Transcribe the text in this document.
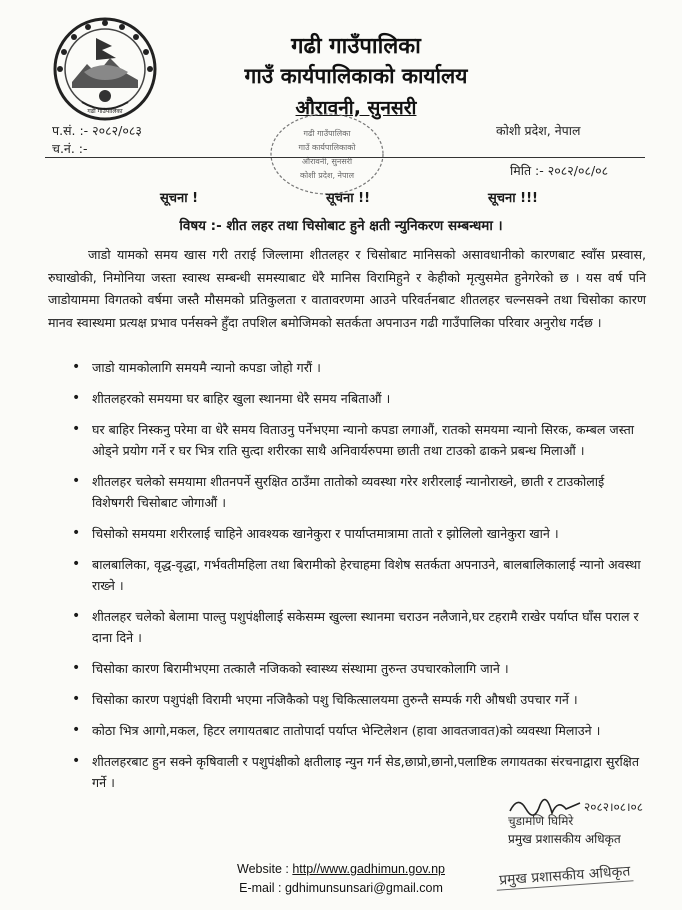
गढी गाउँपालिका
गढी गाउँपालिका
गाउँ कार्यपालिकाको कार्यालय
औरावनी, सुनसरी
प.सं. :- २०८२/०८३
च.नं. :-
कोशी प्रदेश, नेपाल
गढी गाउँपालिका
गाउँ कार्यपालिकाको
औरावनी, सुनसरी
कोशी प्रदेश, नेपाल	मिति :- २०८२/०८/०८
सूचना !	सूचना !!	सूचना !!!
विषय :- शीत लहर तथा चिसोबाट हुने क्षती न्युनिकरण सम्बन्धमा ।
जाडो यामको समय खास गरी तराई जिल्लामा शीतलहर र चिसोबाट मानिसको असावधानीको कारणबाट स्वाँस प्रस्वास, रुघाखोकी, निमोनिया जस्ता स्वास्थ सम्बन्धी समस्याबाट धेरै मानिस विरामिहुने र केहीको मृत्युसमेत हुनेगरेको छ । यस वर्ष पनि जाडोयाममा विगतको वर्षमा जस्तै मौसमको प्रतिकुलता र वातावरणमा आउने परिवर्तनबाट शीतलहर चल्नसक्ने तथा चिसोका कारण मानव स्वास्थमा प्रत्यक्ष प्रभाव पर्नसक्ने हुँदा तपशिल बमोजिमको सतर्कता अपनाउन गढी गाउँपालिका परिवार अनुरोध गर्दछ ।
• जाडो यामकोलागि समयमै न्यानो कपडा जोहो गरौं ।
• शीतलहरको समयमा घर बाहिर खुला स्थानमा धेरै समय नबिताऔं ।
• घर बाहिर निस्कनु परेमा वा धेरै समय विताउनु पर्नेभएमा न्यानो कपडा लगाऔं, रातको समयमा न्यानो सिरक, कम्बल जस्ता ओड्ने प्रयोग गर्ने र घर भित्र राति सुत्दा शरीरका साथै अनिवार्यरुपमा छाती तथा टाउको ढाकने प्रबन्ध मिलाऔं ।
• शीतलहर चलेको समयामा शीतनपर्ने सुरक्षित ठाउँमा तातोको व्यवस्था गरेर शरीरलाई न्यानोराख्ने, छाती र टाउकोलाई विशेषगरी चिसोबाट जोगाऔं ।
• चिसोको समयमा शरीरलाई चाहिने आवश्यक खानेकुरा र पार्याप्तमात्रामा तातो र झोलिलो खानेकुरा खाने ।
• बालबालिका, वृद्ध-वृद्धा, गर्भवतीमहिला तथा बिरामीको हेरचाहमा विशेष सतर्कता अपनाउने, बालबालिकालाई न्यानो अवस्था राख्ने ।
• शीतलहर चलेको बेलामा पाल्तु पशुपंक्षीलाई सकेसम्म खुल्ला स्थानमा चराउन नलैजाने,घर टहरामै राखेर पर्याप्त घाँस पराल र दाना दिने ।
• चिसोका कारण बिरामीभएमा तत्कालै नजिकको स्वास्थ्य संस्थामा तुरुन्त उपचारकोलागि जाने ।
• चिसोका कारण पशुपंक्षी विरामी भएमा नजिकैको पशु चिकित्सालयमा तुरुन्तै सम्पर्क गरी औषधी उपचार गर्ने ।
• कोठा भित्र आगो,मकल, हिटर लगायतबाट तातोपार्दा पर्याप्त भेन्टिलेशन (हावा आवतजावत)को व्यवस्था मिलाउने ।
• शीतलहरबाट हुन सक्ने कृषिवाली र पशुपंक्षीको क्षतीलाइ न्युन गर्न सेड,छाप्रो,छानो,पलाष्टिक लगायतका संरचनाद्वारा सुरक्षित गर्ने ।
२०८२।०८।०८
चुडामणि घिमिरे
प्रमुख प्रशासकीय अधिकृत
Website : http//www.gadhimun.gov.np
E-mail : gdhimunsunsari@gmail.com	प्रमुख प्रशासकीय अधिकृत
